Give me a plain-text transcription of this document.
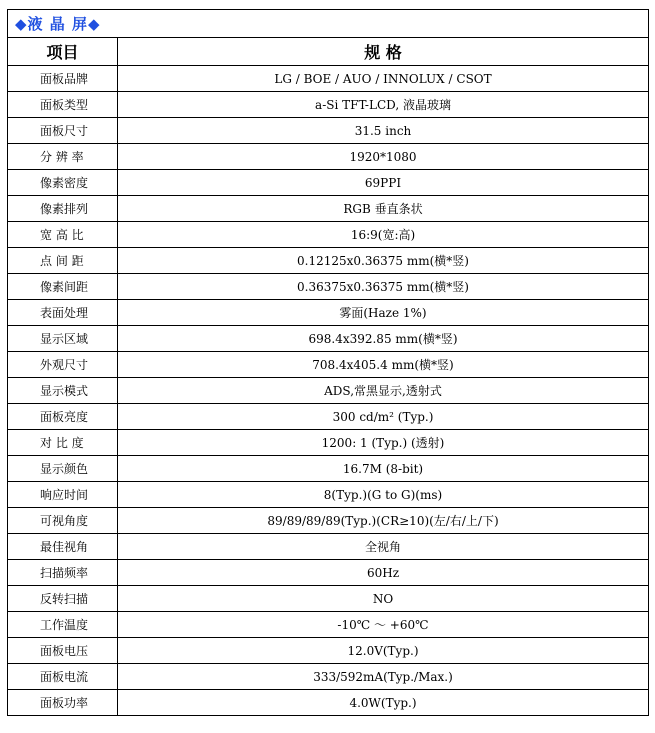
◆液 晶 屏◆	
项目	规 格
面板品牌	LG / BOE / AUO / INNOLUX / CSOT
面板类型	a-Si TFT-LCD, 液晶玻璃
面板尺寸	31.5 inch
分 辨 率	1920*1080
像素密度	69PPI
像素排列	RGB 垂直条状
宽 高 比	16:9(宽:高)
点 间 距	0.12125x0.36375 mm(横*竖)
像素间距	0.36375x0.36375 mm(横*竖)
表面处理	雾面(Haze 1%)
显示区域	698.4x392.85 mm(横*竖)
外观尺寸	708.4x405.4 mm(横*竖)
显示模式	ADS,常黑显示,透射式
面板亮度	300 cd/m² (Typ.)
对 比 度	1200: 1 (Typ.) (透射)
显示颜色	16.7M (8-bit)
响应时间	8(Typ.)(G to G)(ms)
可视角度	89/89/89/89(Typ.)(CR≥10)(左/右/上/下)
最佳视角	全视角
扫描频率	60Hz
反转扫描	NO
工作温度	-10℃ ～ +60℃
面板电压	12.0V(Typ.)
面板电流	333/592mA(Typ./Max.)
面板功率	4.0W(Typ.)
